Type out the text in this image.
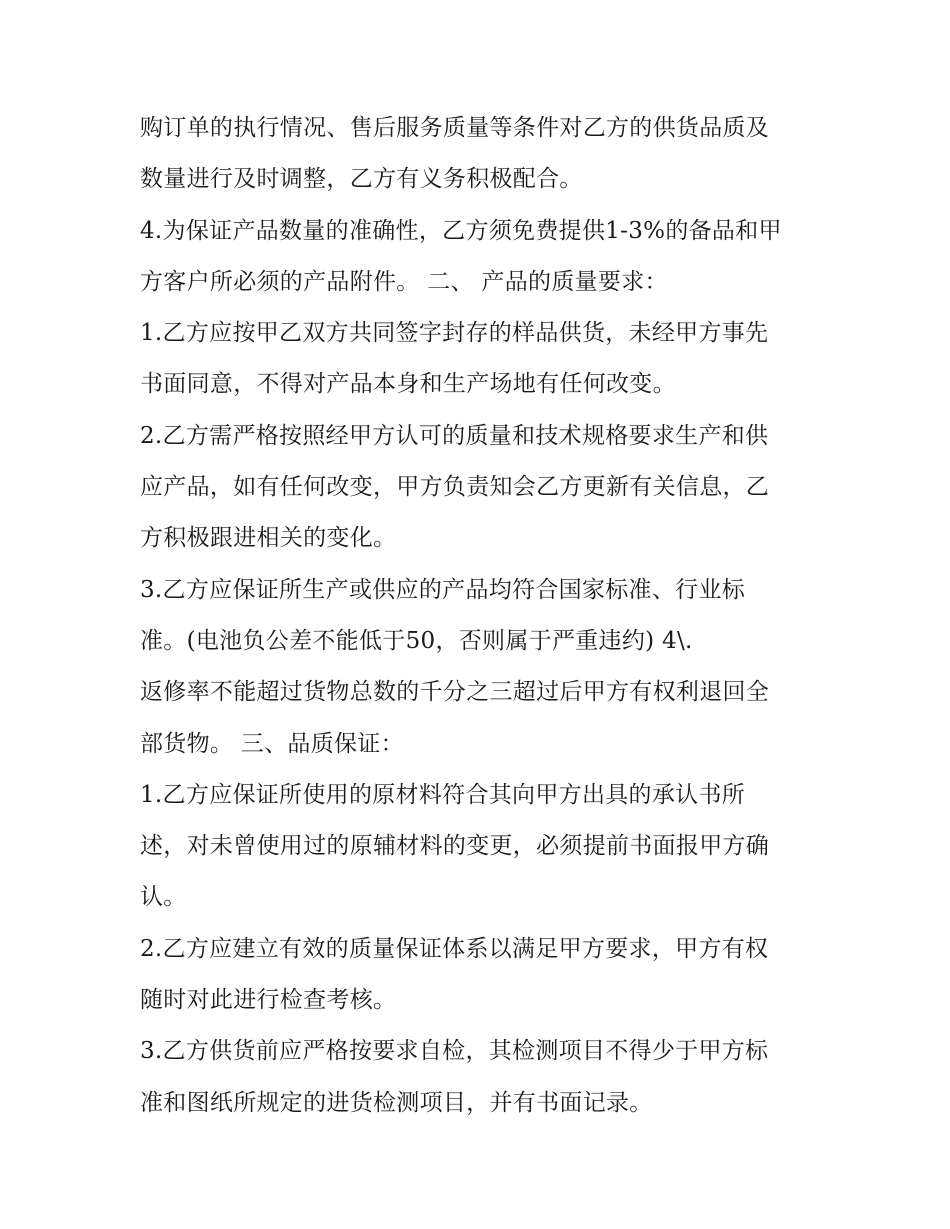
购订单的执行情况、售后服务质量等条件对乙方的供货品质及
数量进行及时调整，乙方有义务积极配合。
4.为保证产品数量的准确性，乙方须免费提供1-3%的备品和甲
方客户所必须的产品附件。 二、 产品的质量要求：
1.乙方应按甲乙双方共同签字封存的样品供货，未经甲方事先
书面同意，不得对产品本身和生产场地有任何改变。
2.乙方需严格按照经甲方认可的质量和技术规格要求生产和供
应产品，如有任何改变，甲方负责知会乙方更新有关信息，乙
方积极跟进相关的变化。
3.乙方应保证所生产或供应的产品均符合国家标准、行业标
准。(电池负公差不能低于50，否则属于严重违约) 4\.
返修率不能超过货物总数的千分之三超过后甲方有权利退回全
部货物。 三、品质保证：
1.乙方应保证所使用的原材料符合其向甲方出具的承认书所
述，对未曾使用过的原辅材料的变更，必须提前书面报甲方确
认。
2.乙方应建立有效的质量保证体系以满足甲方要求，甲方有权
随时对此进行检查考核。
3.乙方供货前应严格按要求自检，其检测项目不得少于甲方标
准和图纸所规定的进货检测项目，并有书面记录。
